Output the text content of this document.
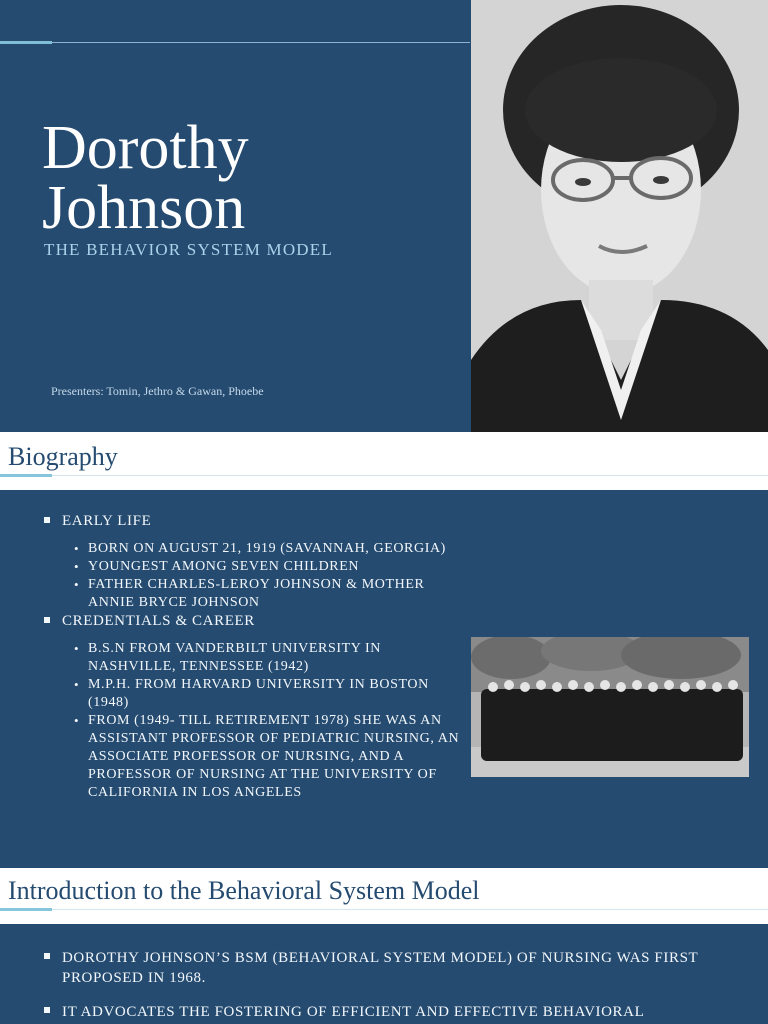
Dorothy
Johnson

THE BEHAVIOR SYSTEM MODEL

Presenters: Tomin, Jethro & Gawan, Phoebe

Biography
EARLY LIFE
• BORN ON AUGUST 21, 1919 (SAVANNAH, GEORGIA)
• YOUNGEST AMONG SEVEN CHILDREN
• FATHER CHARLES-LEROY JOHNSON & MOTHER ANNIE BRYCE JOHNSON
CREDENTIALS & CAREER
• B.S.N FROM VANDERBILT UNIVERSITY IN NASHVILLE, TENNESSEE (1942)
• M.P.H. FROM HARVARD UNIVERSITY IN BOSTON (1948)
• FROM (1949- TILL RETIREMENT 1978) SHE WAS AN ASSISTANT PROFESSOR OF PEDIATRIC NURSING, AN ASSOCIATE PROFESSOR OF NURSING, AND A PROFESSOR OF NURSING AT THE UNIVERSITY OF CALIFORNIA IN LOS ANGELES
Introduction to the Behavioral System Model
DOROTHY JOHNSON’S BSM (BEHAVIORAL SYSTEM MODEL) OF NURSING WAS FIRST PROPOSED IN 1968.
IT ADVOCATES THE FOSTERING OF EFFICIENT AND EFFECTIVE BEHAVIORAL
